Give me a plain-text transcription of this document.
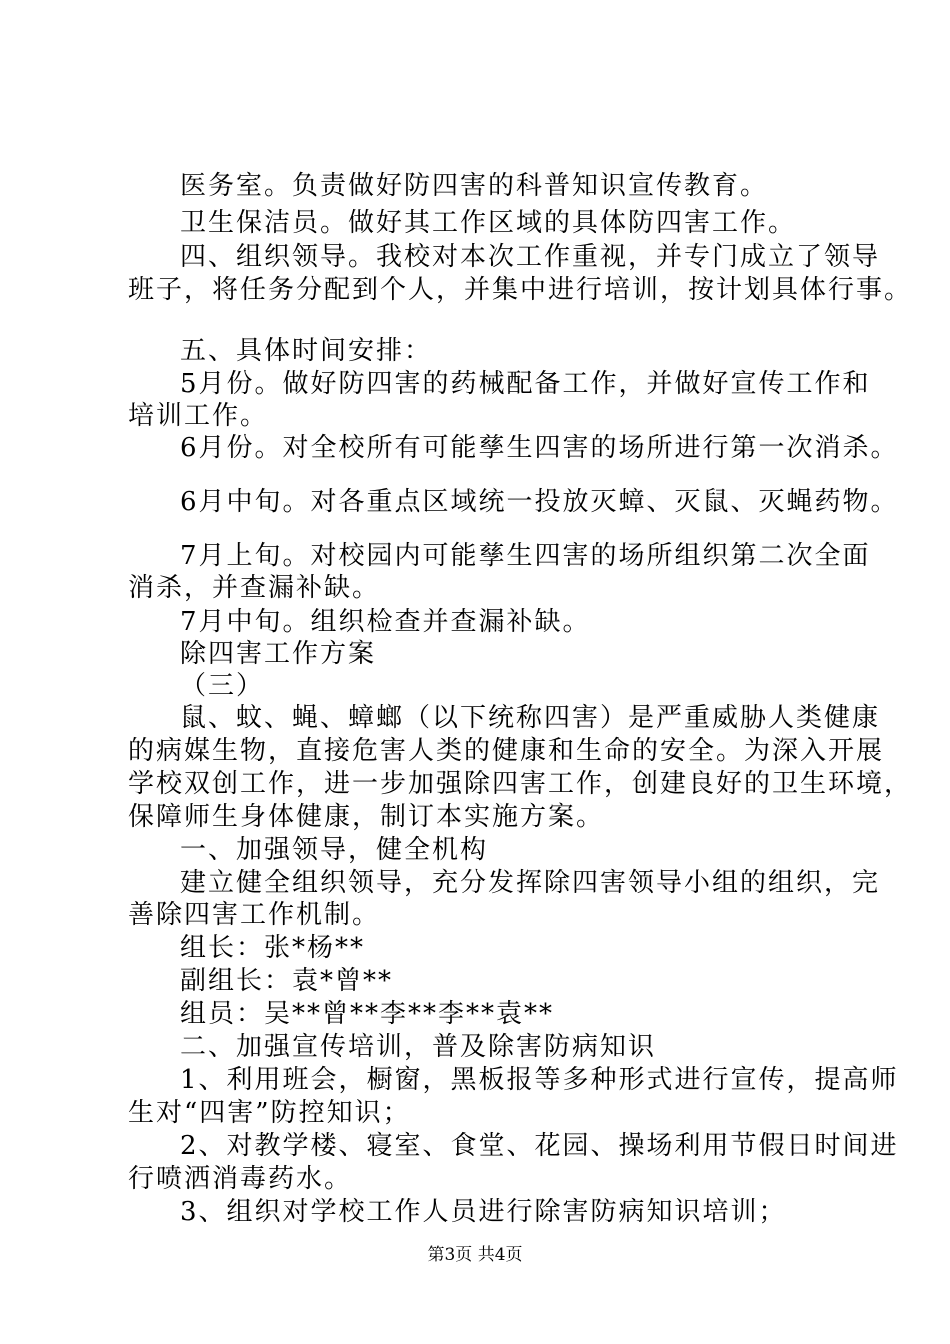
医务室。负责做好防四害的科普知识宣传教育。
卫生保洁员。做好其工作区域的具体防四害工作。
四、组织领导。我校对本次工作重视，并专门成立了领导
班子，将任务分配到个人，并集中进行培训，按计划具体行事。
五、具体时间安排：
5月份。做好防四害的药械配备工作，并做好宣传工作和
培训工作。
6月份。对全校所有可能孳生四害的场所进行第一次消杀。
6月中旬。对各重点区域统一投放灭蟑、灭鼠、灭蝇药物。
7月上旬。对校园内可能孳生四害的场所组织第二次全面
消杀，并查漏补缺。
7月中旬。组织检查并查漏补缺。
除四害工作方案
（三）
鼠、蚊、蝇、蟑螂（以下统称四害）是严重威胁人类健康
的病媒生物，直接危害人类的健康和生命的安全。为深入开展
学校双创工作，进一步加强除四害工作，创建良好的卫生环境，
保障师生身体健康，制订本实施方案。
一、加强领导，健全机构
建立健全组织领导，充分发挥除四害领导小组的组织，完
善除四害工作机制。
组长：张*杨**
副组长：袁*曾**
组员：吴**曾**李**李**袁**
二、加强宣传培训，普及除害防病知识
1、利用班会，橱窗，黑板报等多种形式进行宣传，提高师
生对“四害”防控知识；
2、对教学楼、寝室、食堂、花园、操场利用节假日时间进
行喷洒消毒药水。
3、组织对学校工作人员进行除害防病知识培训；
第3页 共4页
